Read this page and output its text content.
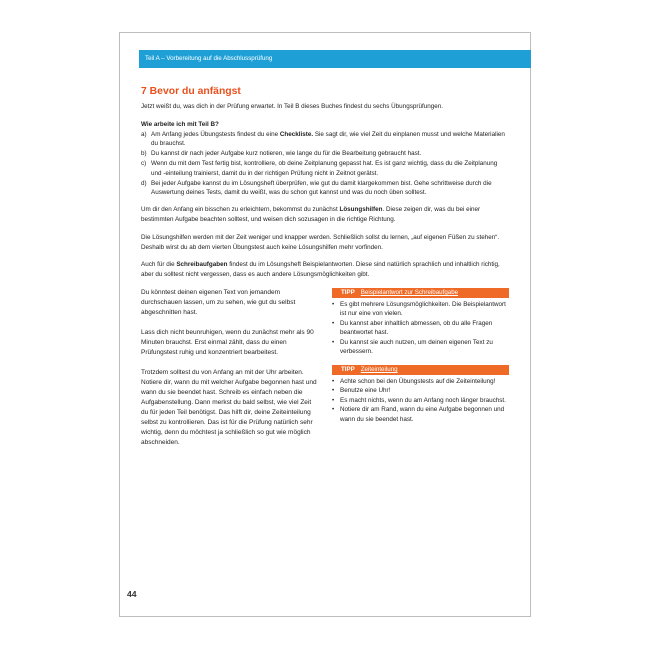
Teil A – Vorbereitung auf die Abschlussprüfung
7 Bevor du anfängst

Jetzt weißt du, was dich in der Prüfung erwartet. In Teil B dieses Buches findest du sechs Übungsprüfungen.

Wie arbeite ich mit Teil B?
a) Am Anfang jedes Übungstests findest du eine Checkliste. Sie sagt dir, wie viel Zeit du einplanen musst und welche Materialien du brauchst.
b) Du kannst dir nach jeder Aufgabe kurz notieren, wie lange du für die Bearbeitung gebraucht hast.
c) Wenn du mit dem Test fertig bist, kontrolliere, ob deine Zeitplanung gepasst hat. Es ist ganz wichtig, dass du die Zeitplanung und -einteilung trainierst, damit du in der richtigen Prüfung nicht in Zeitnot gerätst.
d) Bei jeder Aufgabe kannst du im Lösungsheft überprüfen, wie gut du damit klargekommen bist. Gehe schrittweise durch die Auswertung deines Tests, damit du weißt, was du schon gut kannst und was du noch üben solltest.

Um dir den Anfang ein bisschen zu erleichtern, bekommst du zunächst Lösungshilfen. Diese zeigen dir, was du bei einer bestimmten Aufgabe beachten solltest, und weisen dich sozusagen in die richtige Richtung.

Die Lösungshilfen werden mit der Zeit weniger und knapper werden. Schließlich sollst du lernen, „auf eigenen Füßen zu stehen“. Deshalb wirst du ab dem vierten Übungstest auch keine Lösungshilfen mehr vorfinden.

Auch für die Schreibaufgaben findest du im Lösungsheft Beispielantworten. Diese sind natürlich sprachlich und inhaltlich richtig, aber du solltest nicht vergessen, dass es auch andere Lösungsmöglichkeiten gibt.

Du könntest deinen eigenen Text von jemandem durchschauen lassen, um zu sehen, wie gut du selbst abgeschnitten hast.

Lass dich nicht beunruhigen, wenn du zunächst mehr als 90 Minuten brauchst. Erst einmal zählt, dass du einen Prüfungstest ruhig und konzentriert bearbeitest.

Trotzdem solltest du von Anfang an mit der Uhr arbeiten. Notiere dir, wann du mit welcher Aufgabe begonnen hast und wann du sie beendet hast. Schreib es einfach neben die Aufgabenstellung. Dann merkst du bald selbst, wie viel Zeit du für jeden Teil benötigst. Das hilft dir, deine Zeiteinteilung selbst zu kontrollieren. Das ist für die Prüfung natürlich sehr wichtig, denn du möchtest ja schließlich so gut wie möglich abschneiden.

TIPP Beispielantwort zur Schreibaufgabe
• Es gibt mehrere Lösungsmöglichkeiten. Die Beispielantwort ist nur eine von vielen.
• Du kannst aber inhaltlich abmessen, ob du alle Fragen beantwortet hast.
• Du kannst sie auch nutzen, um deinen eigenen Text zu verbessern.
TIPP Zeiteinteilung
• Achte schon bei den Übungstests auf die Zeiteinteilung!
• Benutze eine Uhr!
• Es macht nichts, wenn du am Anfang noch länger brauchst.
• Notiere dir am Rand, wann du eine Aufgabe begonnen und wann du sie beendet hast.
44
